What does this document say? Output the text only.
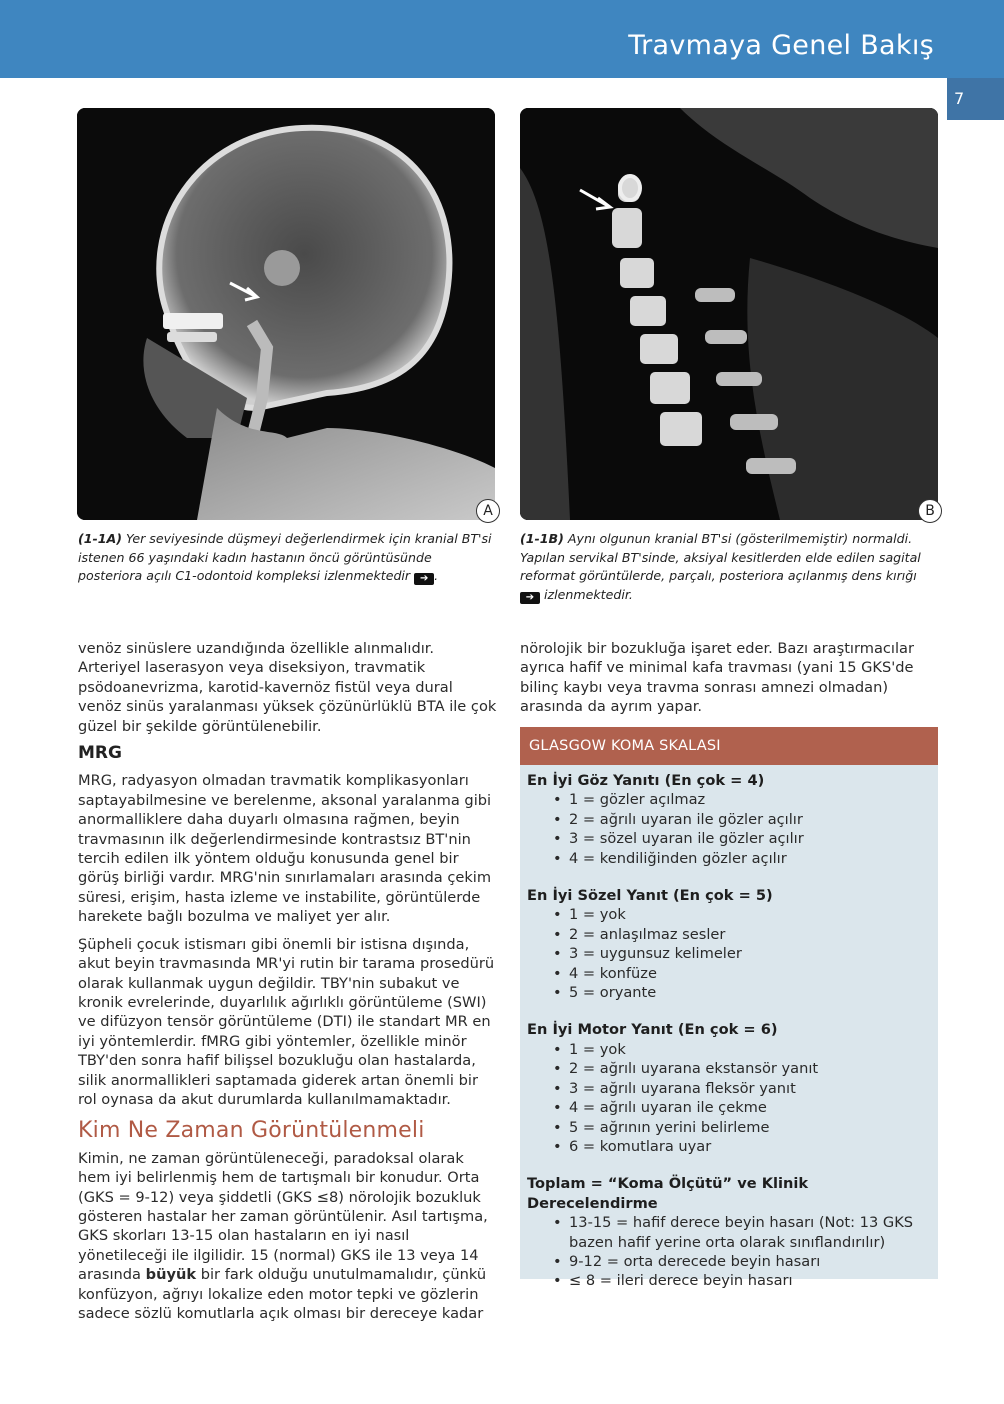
Travmaya Genel Bakış
7
A	B
(1-1A) Yer seviyesinde düşmeyi değerlendirmek için kranial BT'si istenen 66 yaşındaki kadın hastanın öncü görüntüsünde posteriora açılı C1-odontoid kompleksi izlenmektedir ➔ .
(1-1B) Aynı olgunun kranial BT'si (gösterilmemiştir) normaldi. Yapılan servikal BT'sinde, aksiyal kesitlerden elde edilen sagital reformat görüntülerde, parçalı, posteriora açılanmış dens kırığı ➔ izlenmektedir.

venöz sinüslere uzandığında özellikle alınmalıdır. Arteriyel laserasyon veya diseksiyon, travmatik psödoanevrizma, karotid-kavernöz fistül veya dural venöz sinüs yaralanması yüksek çözünürlüklü BTA ile çok güzel bir şekilde görüntülenebilir.

MRG

MRG, radyasyon olmadan travmatik komplikasyonları saptayabilmesine ve berelenme, aksonal yaralanma gibi anormalliklere daha duyarlı olmasına rağmen, beyin travmasının ilk değerlendirmesinde kontrastsız BT'nin tercih edilen ilk yöntem olduğu konusunda genel bir görüş birliği vardır. MRG'nin sınırlamaları arasında çekim süresi, erişim, hasta izleme ve instabilite, görüntülerde harekete bağlı bozulma ve maliyet yer alır.

Şüpheli çocuk istismarı gibi önemli bir istisna dışında, akut beyin travmasında MR'yi rutin bir tarama prosedürü olarak kullanmak uygun değildir. TBY'nin subakut ve kronik evrelerinde, duyarlılık ağırlıklı görüntüleme (SWI) ve difüzyon tensör görüntüleme (DTI) ile standart MR en iyi yöntemlerdir. fMRG gibi yöntemler, özellikle minör TBY'den sonra hafif bilişsel bozukluğu olan hastalarda, silik anormallikleri saptamada giderek artan önemli bir rol oynasa da akut durumlarda kullanılmamaktadır.

Kim Ne Zaman Görüntülenmeli

Kimin, ne zaman görüntüleneceği, paradoksal olarak hem iyi belirlenmiş hem de tartışmalı bir konudur. Orta (GKS = 9-12) veya şiddetli (GKS ≤8) nörolojik bozukluk gösteren hastalar her zaman görüntülenir. Asıl tartışma, GKS skorları 13-15 olan hastaların en iyi nasıl yönetileceği ile ilgilidir. 15 (normal) GKS ile 13 veya 14 arasında büyük bir fark olduğu unutulmamalıdır, çünkü konfüzyon, ağrıyı lokalize eden motor tepki ve gözlerin sadece sözlü komutlarla açık olması bir dereceye kadar

nörolojik bir bozukluğa işaret eder. Bazı araştırmacılar ayrıca hafif ve minimal kafa travması (yani 15 GKS'de bilinç kaybı veya travma sonrası amnezi olmadan) arasında da ayrım yapar.

GLASGOW KOMA SKALASI
En İyi Göz Yanıtı (En çok = 4)
• 1 = gözler açılmaz
• 2 = ağrılı uyaran ile gözler açılır
• 3 = sözel uyaran ile gözler açılır
• 4 = kendiliğinden gözler açılır
En İyi Sözel Yanıt (En çok = 5)
• 1 = yok
• 2 = anlaşılmaz sesler
• 3 = uygunsuz kelimeler
• 4 = konfüze
• 5 = oryante
En İyi Motor Yanıt (En çok = 6)
• 1 = yok
• 2 = ağrılı uyarana ekstansör yanıt
• 3 = ağrılı uyarana fleksör yanıt
• 4 = ağrılı uyaran ile çekme
• 5 = ağrının yerini belirleme
• 6 = komutlara uyar
Toplam = “Koma Ölçütü” ve Klinik Derecelendirme
• 13-15 = hafif derece beyin hasarı (Not: 13 GKS bazen hafif yerine orta olarak sınıflandırılır)
• 9-12 = orta derecede beyin hasarı
• ≤ 8 = ileri derece beyin hasarı
